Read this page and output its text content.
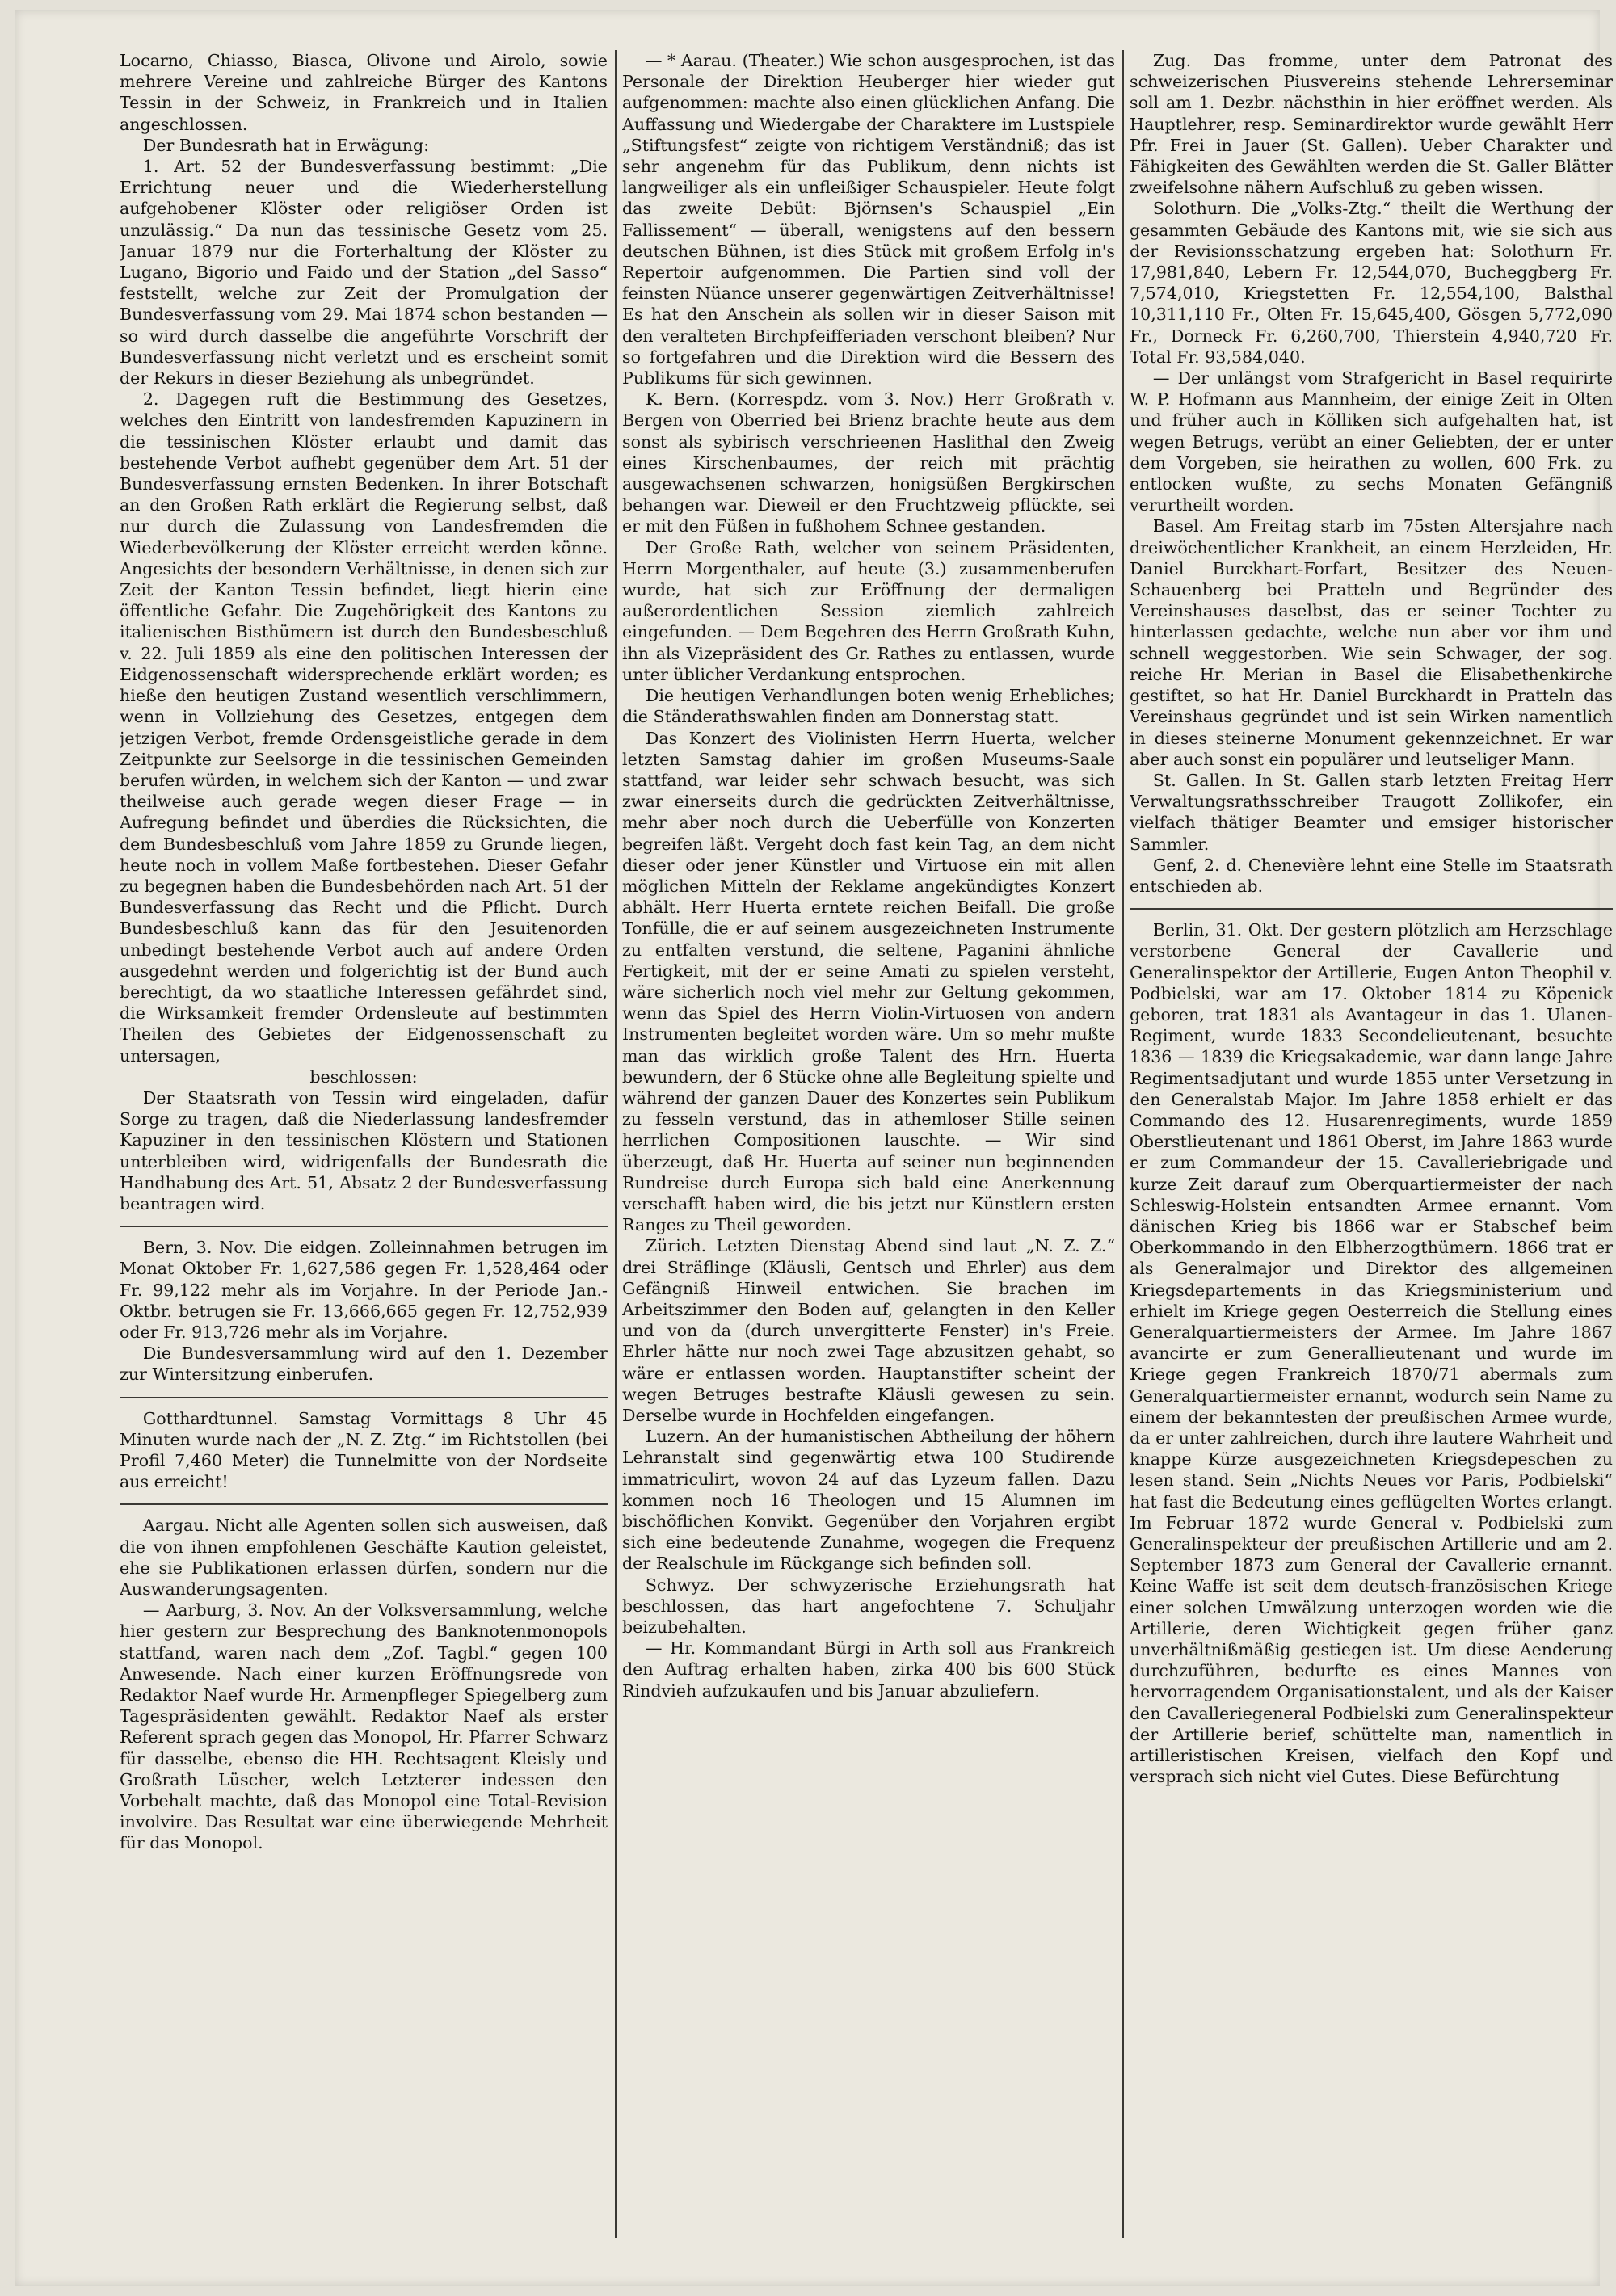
Locarno, Chiasso, Biasca, Olivone und Airolo, sowie mehrere Vereine und zahlreiche Bürger des Kantons Tessin in der Schweiz, in Frankreich und in Italien angeschlossen.

Der Bundesrath hat in Erwägung:

1. Art. 52 der Bundesverfassung bestimmt: „Die Errichtung neuer und die Wiederherstellung aufgehobener Klöster oder religiöser Orden ist unzulässig.“ Da nun das tessinische Gesetz vom 25. Januar 1879 nur die Forterhaltung der Klöster zu Lugano, Bigorio und Faido und der Station „del Sasso“ feststellt, welche zur Zeit der Promulgation der Bundesverfassung vom 29. Mai 1874 schon bestanden — so wird durch dasselbe die angeführte Vorschrift der Bundesverfassung nicht verletzt und es erscheint somit der Rekurs in dieser Beziehung als unbegründet.

2. Dagegen ruft die Bestimmung des Gesetzes, welches den Eintritt von landesfremden Kapuzinern in die tessinischen Klöster erlaubt und damit das bestehende Verbot aufhebt gegenüber dem Art. 51 der Bundesverfassung ernsten Bedenken. In ihrer Botschaft an den Großen Rath erklärt die Regierung selbst, daß nur durch die Zulassung von Landesfremden die Wiederbevölkerung der Klöster erreicht werden könne. Angesichts der besondern Verhältnisse, in denen sich zur Zeit der Kanton Tessin befindet, liegt hierin eine öffentliche Gefahr. Die Zugehörigkeit des Kantons zu italienischen Bisthümern ist durch den Bundesbeschluß v. 22. Juli 1859 als eine den politischen Interessen der Eidgenossenschaft widersprechende erklärt worden; es hieße den heutigen Zustand wesentlich verschlimmern, wenn in Vollziehung des Gesetzes, entgegen dem jetzigen Verbot, fremde Ordensgeistliche gerade in dem Zeitpunkte zur Seelsorge in die tessinischen Gemeinden berufen würden, in welchem sich der Kanton — und zwar theilweise auch gerade wegen dieser Frage — in Aufregung befindet und überdies die Rücksichten, die dem Bundesbeschluß vom Jahre 1859 zu Grunde liegen, heute noch in vollem Maße fortbestehen. Dieser Gefahr zu begegnen haben die Bundesbehörden nach Art. 51 der Bundesverfassung das Recht und die Pflicht. Durch Bundesbeschluß kann das für den Jesuitenorden unbedingt bestehende Verbot auch auf andere Orden ausgedehnt werden und folgerichtig ist der Bund auch berechtigt, da wo staatliche Interessen gefährdet sind, die Wirksamkeit fremder Ordensleute auf bestimmten Theilen des Gebietes der Eidgenossenschaft zu untersagen,

beschlossen:

Der Staatsrath von Tessin wird eingeladen, dafür Sorge zu tragen, daß die Niederlassung landesfremder Kapuziner in den tessinischen Klöstern und Stationen unterbleiben wird, widrigenfalls der Bundesrath die Handhabung des Art. 51, Absatz 2 der Bundesverfassung beantragen wird.

Bern, 3. Nov. Die eidgen. Zolleinnahmen betrugen im Monat Oktober Fr. 1,627,586 gegen Fr. 1,528,464 oder Fr. 99,122 mehr als im Vorjahre. In der Periode Jan.-Oktbr. betrugen sie Fr. 13,666,665 gegen Fr. 12,752,939 oder Fr. 913,726 mehr als im Vorjahre.

Die Bundesversammlung wird auf den 1. Dezember zur Wintersitzung einberufen.

Gotthardtunnel. Samstag Vormittags 8 Uhr 45 Minuten wurde nach der „N. Z. Ztg.“ im Richtstollen (bei Profil 7,460 Meter) die Tunnelmitte von der Nordseite aus erreicht!

Aargau. Nicht alle Agenten sollen sich ausweisen, daß die von ihnen empfohlenen Geschäfte Kaution geleistet, ehe sie Publikationen erlassen dürfen, sondern nur die Auswanderungsagenten.

— Aarburg, 3. Nov. An der Volksversammlung, welche hier gestern zur Besprechung des Banknotenmonopols stattfand, waren nach dem „Zof. Tagbl.“ gegen 100 Anwesende. Nach einer kurzen Eröffnungsrede von Redaktor Naef wurde Hr. Armenpfleger Spiegelberg zum Tagespräsidenten gewählt. Redaktor Naef als erster Referent sprach gegen das Monopol, Hr. Pfarrer Schwarz für dasselbe, ebenso die HH. Rechtsagent Kleisly und Großrath Lüscher, welch Letzterer indessen den Vorbehalt machte, daß das Monopol eine Total-Revision involvire. Das Resultat war eine überwiegende Mehrheit für das Monopol.

— * Aarau. (Theater.) Wie schon ausgesprochen, ist das Personale der Direktion Heuberger hier wieder gut aufgenommen: machte also einen glücklichen Anfang. Die Auffassung und Wiedergabe der Charaktere im Lustspiele „Stiftungsfest“ zeigte von richtigem Verständniß; das ist sehr angenehm für das Publikum, denn nichts ist langweiliger als ein unfleißiger Schauspieler. Heute folgt das zweite Debüt: Björnsen's Schauspiel „Ein Fallissement“ — überall, wenigstens auf den bessern deutschen Bühnen, ist dies Stück mit großem Erfolg in's Repertoir aufgenommen. Die Partien sind voll der feinsten Nüance unserer gegenwärtigen Zeitverhältnisse! Es hat den Anschein als sollen wir in dieser Saison mit den veralteten Birchpfeifferiaden verschont bleiben? Nur so fortgefahren und die Direktion wird die Bessern des Publikums für sich gewinnen.

K. Bern. (Korrespdz. vom 3. Nov.) Herr Großrath v. Bergen von Oberried bei Brienz brachte heute aus dem sonst als sybirisch verschrieenen Haslithal den Zweig eines Kirschenbaumes, der reich mit prächtig ausgewachsenen schwarzen, honigsüßen Bergkirschen behangen war. Dieweil er den Fruchtzweig pflückte, sei er mit den Füßen in fußhohem Schnee gestanden.

Der Große Rath, welcher von seinem Präsidenten, Herrn Morgenthaler, auf heute (3.) zusammenberufen wurde, hat sich zur Eröffnung der dermaligen außerordentlichen Session ziemlich zahlreich eingefunden. — Dem Begehren des Herrn Großrath Kuhn, ihn als Vizepräsident des Gr. Rathes zu entlassen, wurde unter üblicher Verdankung entsprochen.

Die heutigen Verhandlungen boten wenig Erhebliches; die Ständerathswahlen finden am Donnerstag statt.

Das Konzert des Violinisten Herrn Huerta, welcher letzten Samstag dahier im großen Museums-Saale stattfand, war leider sehr schwach besucht, was sich zwar einerseits durch die gedrückten Zeitverhältnisse, mehr aber noch durch die Ueberfülle von Konzerten begreifen läßt. Vergeht doch fast kein Tag, an dem nicht dieser oder jener Künstler und Virtuose ein mit allen möglichen Mitteln der Reklame angekündigtes Konzert abhält. Herr Huerta erntete reichen Beifall. Die große Tonfülle, die er auf seinem ausgezeichneten Instrumente zu entfalten verstund, die seltene, Paganini ähnliche Fertigkeit, mit der er seine Amati zu spielen versteht, wäre sicherlich noch viel mehr zur Geltung gekommen, wenn das Spiel des Herrn Violin-Virtuosen von andern Instrumenten begleitet worden wäre. Um so mehr mußte man das wirklich große Talent des Hrn. Huerta bewundern, der 6 Stücke ohne alle Begleitung spielte und während der ganzen Dauer des Konzertes sein Publikum zu fesseln verstund, das in athemloser Stille seinen herrlichen Compositionen lauschte. — Wir sind überzeugt, daß Hr. Huerta auf seiner nun beginnenden Rundreise durch Europa sich bald eine Anerkennung verschafft haben wird, die bis jetzt nur Künstlern ersten Ranges zu Theil geworden.

Zürich. Letzten Dienstag Abend sind laut „N. Z. Z.“ drei Sträflinge (Kläusli, Gentsch und Ehrler) aus dem Gefängniß Hinweil entwichen. Sie brachen im Arbeitszimmer den Boden auf, gelangten in den Keller und von da (durch unvergitterte Fenster) in's Freie. Ehrler hätte nur noch zwei Tage abzusitzen gehabt, so wäre er entlassen worden. Hauptanstifter scheint der wegen Betruges bestrafte Kläusli gewesen zu sein. Derselbe wurde in Hochfelden eingefangen.

Luzern. An der humanistischen Abtheilung der höhern Lehranstalt sind gegenwärtig etwa 100 Studirende immatriculirt, wovon 24 auf das Lyzeum fallen. Dazu kommen noch 16 Theologen und 15 Alumnen im bischöflichen Konvikt. Gegenüber den Vorjahren ergibt sich eine bedeutende Zunahme, wogegen die Frequenz der Realschule im Rückgange sich befinden soll.

Schwyz. Der schwyzerische Erziehungsrath hat beschlossen, das hart angefochtene 7. Schuljahr beizubehalten.

— Hr. Kommandant Bürgi in Arth soll aus Frankreich den Auftrag erhalten haben, zirka 400 bis 600 Stück Rindvieh aufzukaufen und bis Januar abzuliefern.

Zug. Das fromme, unter dem Patronat des schweizerischen Piusvereins stehende Lehrerseminar soll am 1. Dezbr. nächsthin in hier eröffnet werden. Als Hauptlehrer, resp. Seminardirektor wurde gewählt Herr Pfr. Frei in Jauer (St. Gallen). Ueber Charakter und Fähigkeiten des Gewählten werden die St. Galler Blätter zweifelsohne nähern Aufschluß zu geben wissen.

Solothurn. Die „Volks-Ztg.“ theilt die Werthung der gesammten Gebäude des Kantons mit, wie sie sich aus der Revisionsschatzung ergeben hat: Solothurn Fr. 17,981,840, Lebern Fr. 12,544,070, Bucheggberg Fr. 7,574,010, Kriegstetten Fr. 12,554,100, Balsthal 10,311,110 Fr., Olten Fr. 15,645,400, Gösgen 5,772,090 Fr., Dorneck Fr. 6,260,700, Thierstein 4,940,720 Fr. Total Fr. 93,584,040.

— Der unlängst vom Strafgericht in Basel requirirte W. P. Hofmann aus Mannheim, der einige Zeit in Olten und früher auch in Kölliken sich aufgehalten hat, ist wegen Betrugs, verübt an einer Geliebten, der er unter dem Vorgeben, sie heirathen zu wollen, 600 Frk. zu entlocken wußte, zu sechs Monaten Gefängniß verurtheilt worden.

Basel. Am Freitag starb im 75sten Altersjahre nach dreiwöchentlicher Krankheit, an einem Herzleiden, Hr. Daniel Burckhart-Forfart, Besitzer des Neuen-Schauenberg bei Pratteln und Begründer des Vereinshauses daselbst, das er seiner Tochter zu hinterlassen gedachte, welche nun aber vor ihm und schnell weggestorben. Wie sein Schwager, der sog. reiche Hr. Merian in Basel die Elisabethenkirche gestiftet, so hat Hr. Daniel Burckhardt in Pratteln das Vereinshaus gegründet und ist sein Wirken namentlich in dieses steinerne Monument gekennzeichnet. Er war aber auch sonst ein populärer und leutseliger Mann.

St. Gallen. In St. Gallen starb letzten Freitag Herr Verwaltungsrathsschreiber Traugott Zollikofer, ein vielfach thätiger Beamter und emsiger historischer Sammler.

Genf, 2. d. Chenevière lehnt eine Stelle im Staatsrath entschieden ab.

Berlin, 31. Okt. Der gestern plötzlich am Herzschlage verstorbene General der Cavallerie und Generalinspektor der Artillerie, Eugen Anton Theophil v. Podbielski, war am 17. Oktober 1814 zu Köpenick geboren, trat 1831 als Avantageur in das 1. Ulanen-Regiment, wurde 1833 Secondelieutenant, besuchte 1836 — 1839 die Kriegsakademie, war dann lange Jahre Regimentsadjutant und wurde 1855 unter Versetzung in den Generalstab Major. Im Jahre 1858 erhielt er das Commando des 12. Husarenregiments, wurde 1859 Oberstlieutenant und 1861 Oberst, im Jahre 1863 wurde er zum Commandeur der 15. Cavalleriebrigade und kurze Zeit darauf zum Oberquartiermeister der nach Schleswig-Holstein entsandten Armee ernannt. Vom dänischen Krieg bis 1866 war er Stabschef beim Oberkommando in den Elbherzogthümern. 1866 trat er als Generalmajor und Direktor des allgemeinen Kriegsdepartements in das Kriegsministerium und erhielt im Kriege gegen Oesterreich die Stellung eines Generalquartiermeisters der Armee. Im Jahre 1867 avancirte er zum Generallieutenant und wurde im Kriege gegen Frankreich 1870/71 abermals zum Generalquartiermeister ernannt, wodurch sein Name zu einem der bekanntesten der preußischen Armee wurde, da er unter zahlreichen, durch ihre lautere Wahrheit und knappe Kürze ausgezeichneten Kriegsdepeschen zu lesen stand. Sein „Nichts Neues vor Paris, Podbielski“ hat fast die Bedeutung eines geflügelten Wortes erlangt. Im Februar 1872 wurde General v. Podbielski zum Generalinspekteur der preußischen Artillerie und am 2. September 1873 zum General der Cavallerie ernannt. Keine Waffe ist seit dem deutsch-französischen Kriege einer solchen Umwälzung unterzogen worden wie die Artillerie, deren Wichtigkeit gegen früher ganz unverhältnißmäßig gestiegen ist. Um diese Aenderung durchzuführen, bedurfte es eines Mannes von hervorragendem Organisationstalent, und als der Kaiser den Cavalleriegeneral Podbielski zum Generalinspekteur der Artillerie berief, schüttelte man, namentlich in artilleristischen Kreisen, vielfach den Kopf und versprach sich nicht viel Gutes. Diese Befürchtung
